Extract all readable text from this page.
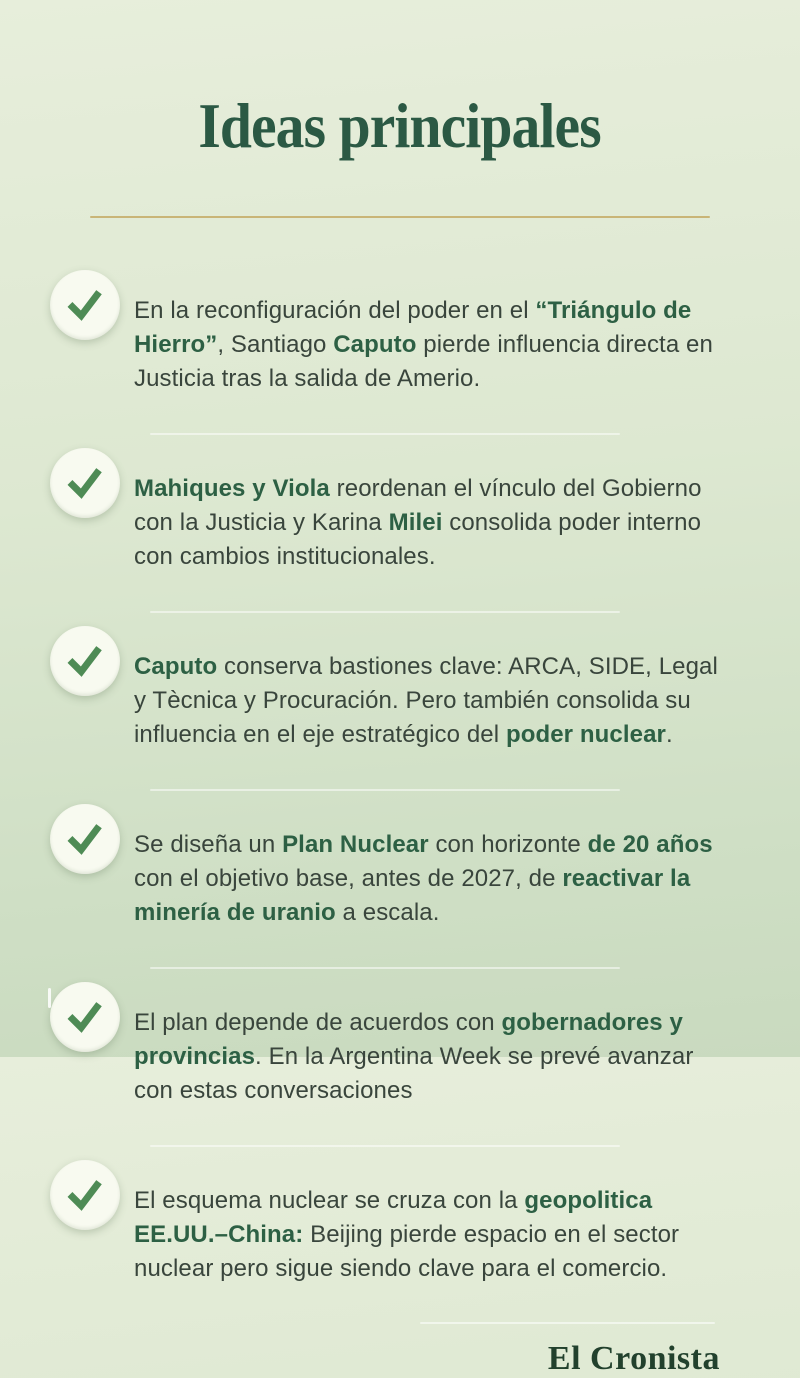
Ideas principales

En la reconfiguración del poder en el “Triángulo de Hierro”, Santiago Caputo pierde influencia directa en Justicia tras la salida de Amerio.

Mahiques y Viola reordenan el vínculo del Gobierno con la Justicia y Karina Milei consolida poder interno con cambios institucionales.

Caputo conserva bastiones clave: ARCA, SIDE, Legal y Tècnica y Procuración. Pero también consolida su influencia en el eje estratégico del poder nuclear.

Se diseña un Plan Nuclear con horizonte de 20 años con el objetivo base, antes de 2027, de reactivar la minería de uranio a escala.

El plan depende de acuerdos con gobernadores y provincias. En la Argentina Week se prevé avanzar con estas conversaciones

El esquema nuclear se cruza con la geopolitica EE.UU.–China: Beijing pierde espacio en el sector nuclear pero sigue siendo clave para el comercio.

El Cronista
